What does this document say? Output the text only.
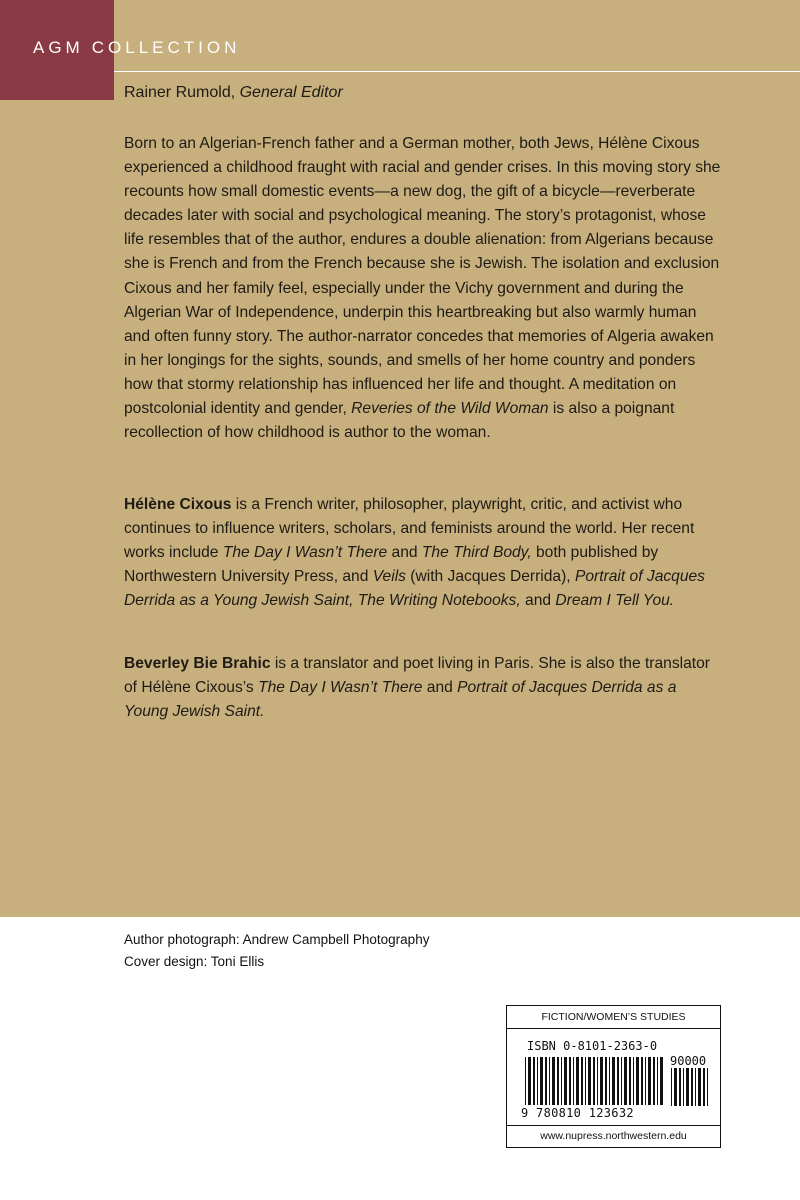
AGM COLLECTION
Rainer Rumold, General Editor

Born to an Algerian-French father and a German mother, both Jews, Hélène Cixous experienced a childhood fraught with racial and gender crises. In this moving story she recounts how small domestic events—a new dog, the gift of a bicycle—reverberate decades later with social and psychological meaning. The story’s protagonist, whose life resembles that of the author, endures a double alienation: from Algerians because she is French and from the French because she is Jewish. The isolation and exclusion Cixous and her family feel, especially under the Vichy government and during the Algerian War of Independence, underpin this heartbreaking but also warmly human and often funny story. The author-narrator concedes that memories of Algeria awaken in her longings for the sights, sounds, and smells of her home country and ponders how that stormy relationship has influenced her life and thought. A meditation on postcolonial identity and gender, Reveries of the Wild Woman is also a poignant recollection of how childhood is author to the woman.

Hélène Cixous is a French writer, philosopher, playwright, critic, and activist who continues to influence writers, scholars, and feminists around the world. Her recent works include The Day I Wasn’t There and The Third Body, both published by Northwestern University Press, and Veils (with Jacques Derrida), Portrait of Jacques Derrida as a Young Jewish Saint, The Writing Notebooks, and Dream I Tell You.

Beverley Bie Brahic is a translator and poet living in Paris. She is also the translator of Hélène Cixous’s The Day I Wasn’t There and Portrait of Jacques Derrida as a Young Jewish Saint.

Author photograph: Andrew Campbell Photography
Cover design: Toni Ellis
FICTION/WOMEN’S STUDIES
ISBN 0-8101-2363-0
90000
9 780810 123632
www.nupress.northwestern.edu
